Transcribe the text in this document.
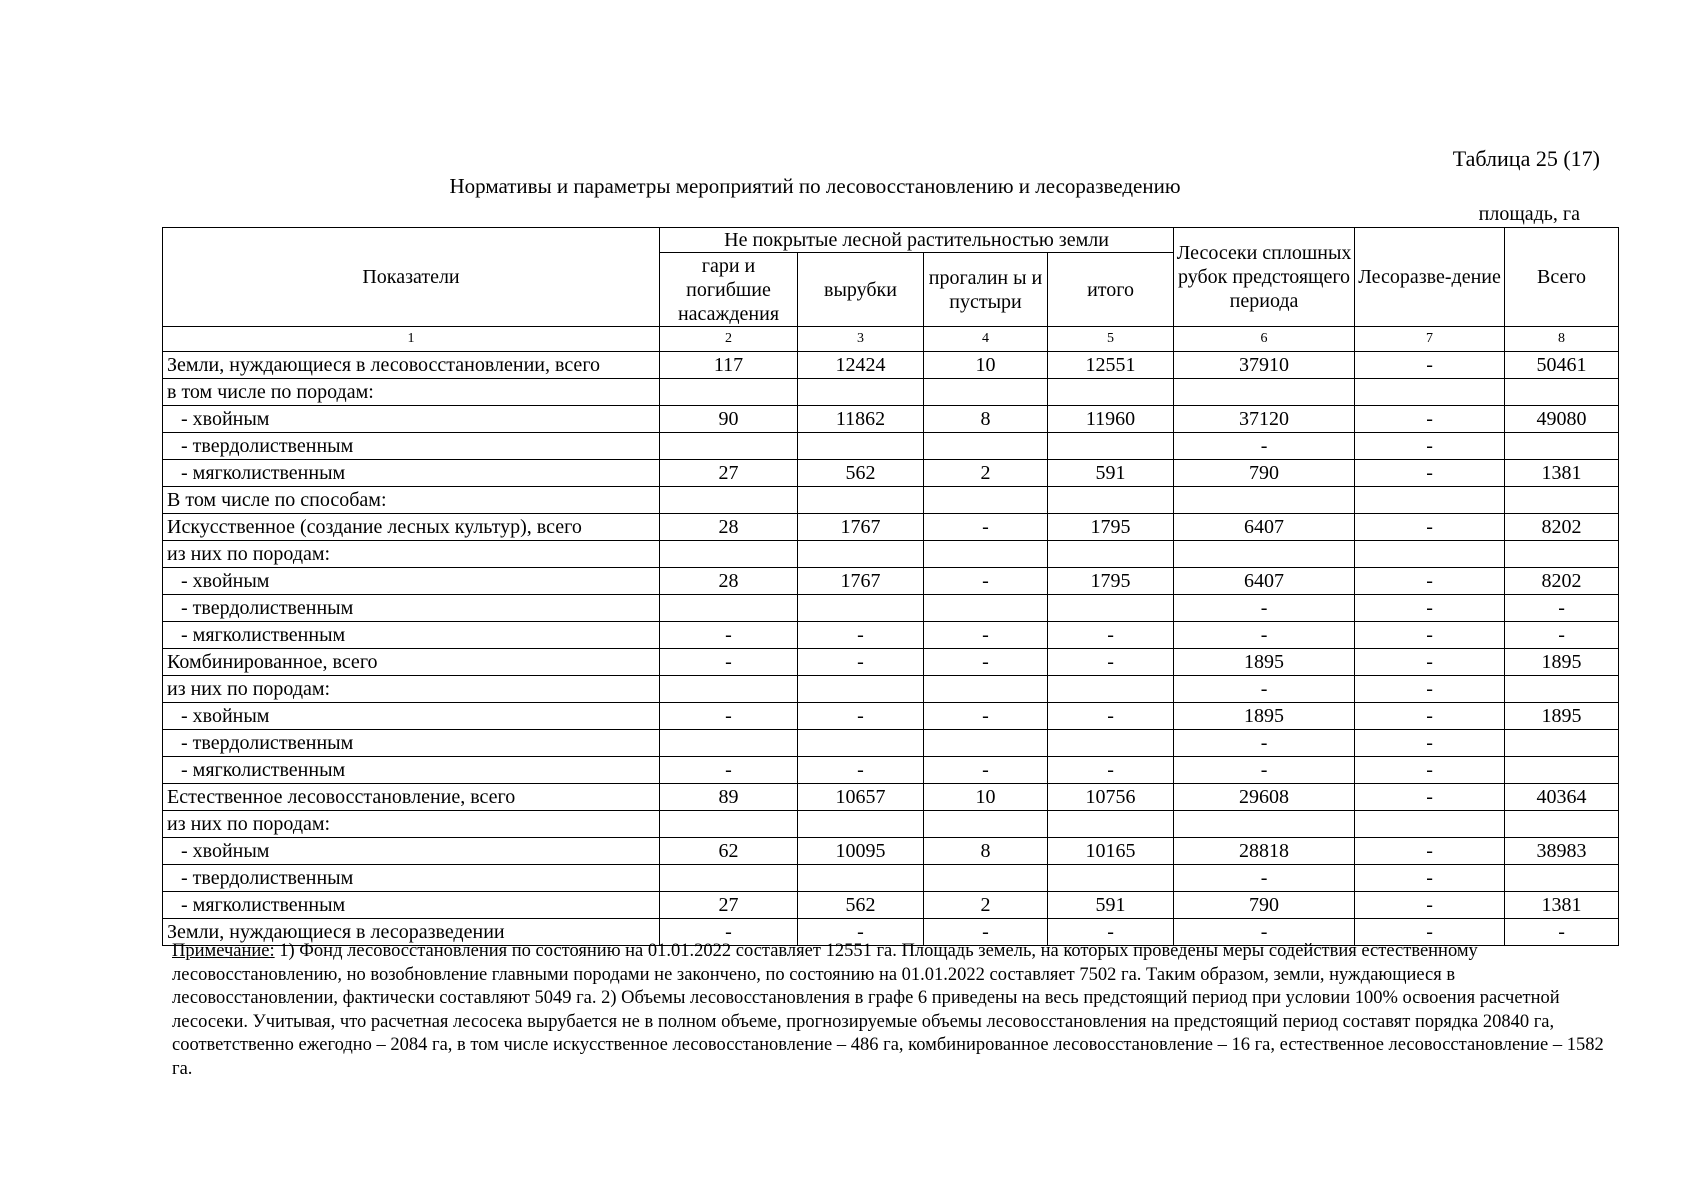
Таблица 25 (17)
Нормативы и параметры мероприятий по лесовосстановлению и лесоразведению
площадь, га
Показатели	Не покрытые лесной растительностью земли				Лесосеки сплошных рубок предстоящего периода	Лесоразве-дение	Всего
	гари и погибшие насаждения	вырубки	прогалин ы и пустыри	итого			
1	2	3	4	5	6	7	8
Земли, нуждающиеся в лесовосстановлении, всего	117	12424	10	12551	37910	-	50461
в том числе по породам:							
- хвойным	90	11862	8	11960	37120	-	49080
- твердолиственным					-	-	
- мягколиственным	27	562	2	591	790	-	1381
В том числе по способам:							
Искусственное (создание лесных культур), всего	28	1767	-	1795	6407	-	8202
из них по породам:							
- хвойным	28	1767	-	1795	6407	-	8202
- твердолиственным					-	-	-
- мягколиственным	-	-	-	-	-	-	-
Комбинированное, всего	-	-	-	-	1895	-	1895
из них по породам:					-	-	
- хвойным	-	-	-	-	1895	-	1895
- твердолиственным					-	-	
- мягколиственным	-	-	-	-	-	-	
Естественное лесовосстановление, всего	89	10657	10	10756	29608	-	40364
из них по породам:							
- хвойным	62	10095	8	10165	28818	-	38983
- твердолиственным					-	-	
- мягколиственным	27	562	2	591	790	-	1381
Земли, нуждающиеся в лесоразведении	-	-	-	-	-	-	-
Примечание: 1) Фонд лесовосстановления по состоянию на 01.01.2022 составляет 12551 га. Площадь земель, на которых проведены меры содействия естественному лесовосстановлению, но возобновление главными породами не закончено, по состоянию на 01.01.2022 составляет 7502 га. Таким образом, земли, нуждающиеся в лесовосстановлении, фактически составляют 5049 га. 2) Объемы лесовосстановления в графе 6 приведены на весь предстоящий период при условии 100% освоения расчетной лесосеки. Учитывая, что расчетная лесосека вырубается не в полном объеме, прогнозируемые объемы лесовосстановления на предстоящий период составят порядка 20840 га, соответственно ежегодно – 2084 га, в том числе искусственное лесовосстановление – 486 га, комбинированное лесовосстановление – 16 га, естественное лесовосстановление – 1582 га.
